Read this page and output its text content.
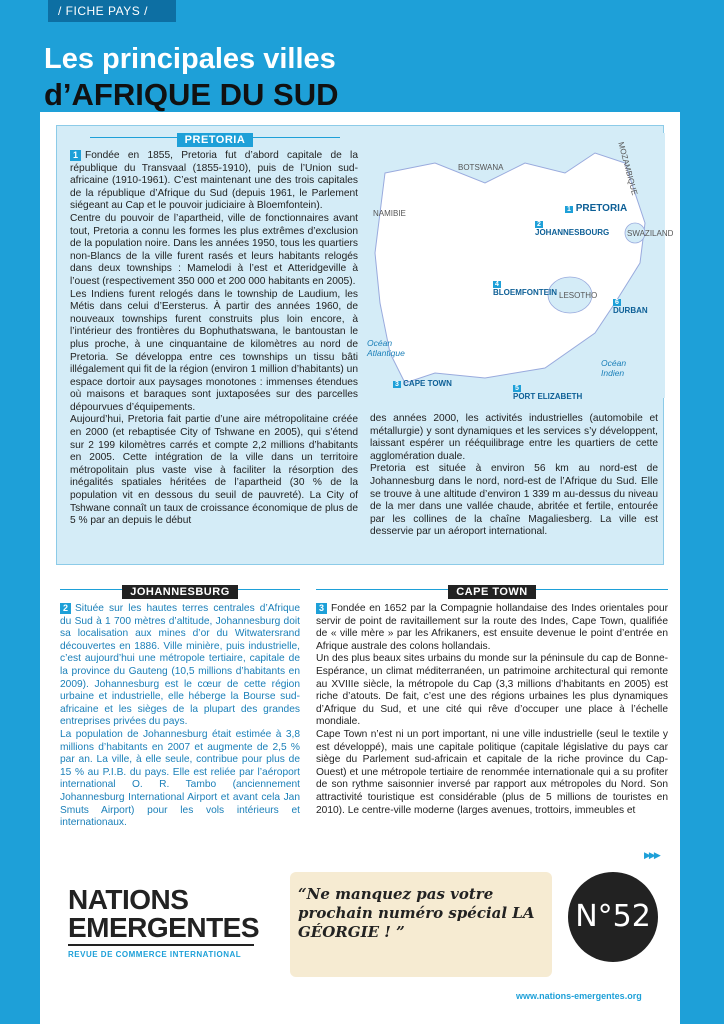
/ FICHE PAYS /
Les principales villes
d’AFRIQUE DU SUD
PRETORIA

1 Fondée en 1855, Pretoria fut d’abord capitale de la république du Transvaal (1855-1910), puis de l’Union sud-africaine (1910-1961). C’est maintenant une des trois capitales de la république d’Afrique du Sud (depuis 1961, le Parlement siégeant au Cap et le pouvoir judiciaire à Bloemfontein).

Centre du pouvoir de l’apartheid, ville de fonctionnaires avant tout, Pretoria a connu les formes les plus extrêmes d’exclusion de la population noire. Dans les années 1950, tous les quartiers non-Blancs de la ville furent rasés et leurs habitants relogés dans deux townships : Mamelodi à l’est et Atteridgeville à l’ouest (respectivement 350 000 et 200 000 habitants en 2005).

Les Indiens furent relogés dans le township de Laudium, les Métis dans celui d’Eersterus. À partir des années 1960, de nouveaux townships furent construits plus loin encore, à l’intérieur des frontières du Bophuthatswana, le bantoustan le plus proche, à une cinquantaine de kilomètres au nord de Pretoria. Se développa entre ces townships un tissu bâti illégalement qui fit de la région (environ 1 million d’habitants) un espace dortoir aux paysages monotones : immenses étendues où maisons et baraques sont juxtaposées sur des parcelles dépourvues d’équipements.

Aujourd’hui, Pretoria fait partie d’une aire métropolitaine créée en 2000 (et rebaptisée City of Tshwane en 2005), qui s’étend sur 2 199 kilomètres carrés et compte 2,2 millions d’habitants en 2005. Cette intégration de la ville dans un territoire métropolitain plus vaste vise à faciliter la résorption des inégalités spatiales héritées de l’apartheid (30 % de la population vit en dessous du seuil de pauvreté). La City of Tshwane connaît un taux de croissance économique de plus de 5 % par an depuis le début

BOTSWANA
NAMIBIE
MOZAMBIQUE
SWAZILAND
LESOTHO
Océan Atlantique
Océan Indien
1 PRETORIA
2
JOHANNESBOURG
4
BLOEMFONTEIN
6
DURBAN
3 CAPE TOWN
5
PORT ELIZABETH

des années 2000, les activités industrielles (automobile et métallurgie) y sont dynamiques et les services s’y développent, laissant espérer un rééquilibrage entre les quartiers de cette agglomération duale.

Pretoria est située à environ 56 km au nord-est de Johannesburg dans le nord, nord-est de l’Afrique du Sud. Elle se trouve à une altitude d’environ 1 339 m au-dessus du niveau de la mer dans une vallée chaude, abritée et fertile, entourée par les collines de la chaîne Magaliesberg. La ville est desservie par un aéroport international.

JOHANNESBURG

2 Située sur les hautes terres centrales d’Afrique du Sud à 1 700 mètres d’altitude, Johannesburg doit sa localisation aux mines d’or du Witwatersrand découvertes en 1886. Ville minière, puis industrielle, c’est aujourd’hui une métropole tertiaire, capitale de la province du Gauteng (10,5 millions d’habitants en 2009). Johannesburg est le cœur de cette région urbaine et industrielle, elle héberge la Bourse sud-africaine et les sièges de la plupart des grandes entreprises privées du pays.

La population de Johannesburg était estimée à 3,8 millions d’habitants en 2007 et augmente de 2,5 % par an. La ville, à elle seule, contribue pour plus de 15 % au P.I.B. du pays. Elle est reliée par l’aéroport international O. R. Tambo (anciennement Johannesburg International Airport et avant cela Jan Smuts Airport) pour les vols intérieurs et internationaux.

CAPE TOWN

3 Fondée en 1652 par la Compagnie hollandaise des Indes orientales pour servir de point de ravitaillement sur la route des Indes, Cape Town, qualifiée de « ville mère » par les Afrikaners, est ensuite devenue le point d’entrée en Afrique australe des colons hollandais.

Un des plus beaux sites urbains du monde sur la péninsule du cap de Bonne-Espérance, un climat méditerranéen, un patrimoine architectural qui remonte au XVIIIe siècle, la métropole du Cap (3,3 millions d’habitants en 2005) est riche d’atouts. De fait, c’est une des régions urbaines les plus dynamiques d’Afrique du Sud, et une cité qui rêve d’occuper une place à l’échelle mondiale.

Cape Town n’est ni un port important, ni une ville industrielle (seul le textile y est développé), mais une capitale politique (capitale législative du pays car siège du Parlement sud-africain et capitale de la riche province du Cap-Ouest) et une métropole tertiaire de renommée internationale qui a su profiter de son rythme saisonnier inversé par rapport aux métropoles du Nord. Son attractivité touristique est considérable (plus de 5 millions de touristes en 2010). Le centre-ville moderne (larges avenues, trottoirs, immeubles et

▶▶▶
NATIONS
EMERGENTES
REVUE DE COMMERCE INTERNATIONAL
“Ne manquez pas votre prochain numéro spécial LA GÉORGIE ! ”	N°52
www.nations-emergentes.org
